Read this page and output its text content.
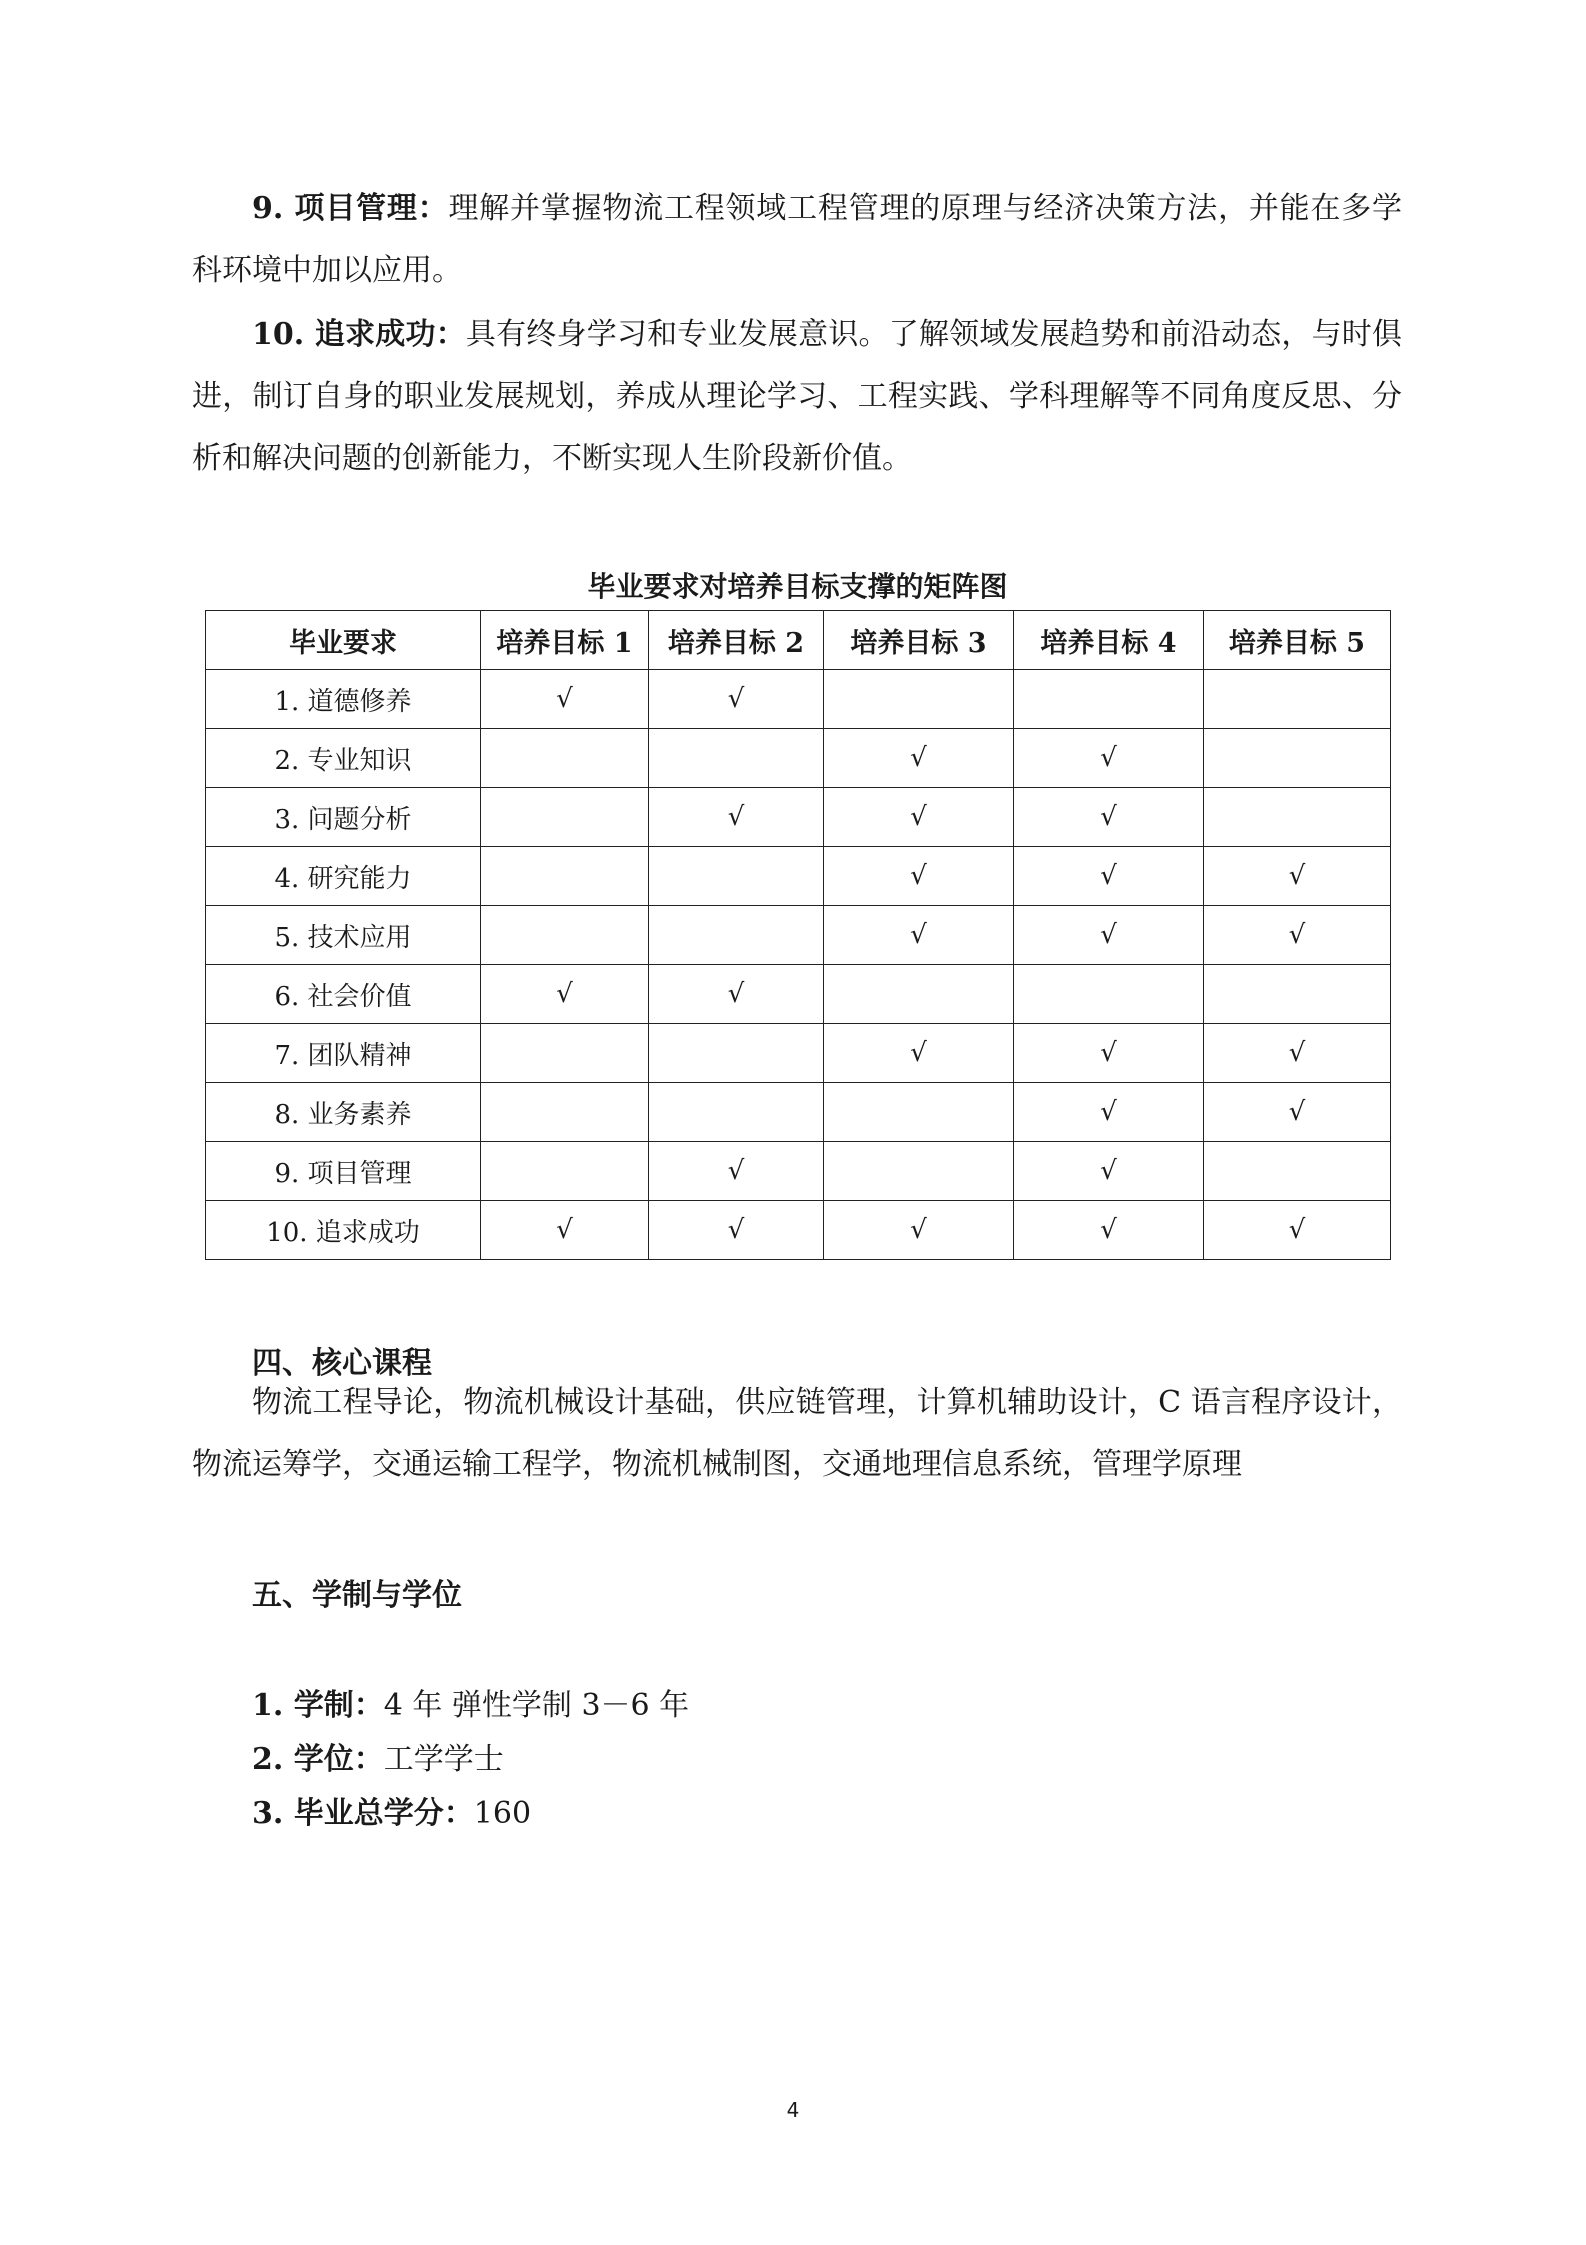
9. 项目管理：理解并掌握物流工程领域工程管理的原理与经济决策方法，并能在多学科环境中加以应用。

10. 追求成功：具有终身学习和专业发展意识。了解领域发展趋势和前沿动态，与时俱进，制订自身的职业发展规划，养成从理论学习、工程实践、学科理解等不同角度反思、分析和解决问题的创新能力，不断实现人生阶段新价值。

毕业要求对培养目标支撑的矩阵图
毕业要求	培养目标 1	培养目标 2	培养目标 3	培养目标 4	培养目标 5
1. 道德修养	√	√			
2. 专业知识			√	√	
3. 问题分析		√	√	√	
4. 研究能力			√	√	√
5. 技术应用			√	√	√
6. 社会价值	√	√			
7. 团队精神			√	√	√
8. 业务素养				√	√
9. 项目管理		√		√	
10. 追求成功	√	√	√	√	√

四、核心课程

物流工程导论，物流机械设计基础，供应链管理，计算机辅助设计，C 语言程序设计，物流运筹学，交通运输工程学，物流机械制图，交通地理信息系统，管理学原理

五、学制与学位

1. 学制：4 年 弹性学制 3－6 年

2. 学位：工学学士

3. 毕业总学分：160

4
